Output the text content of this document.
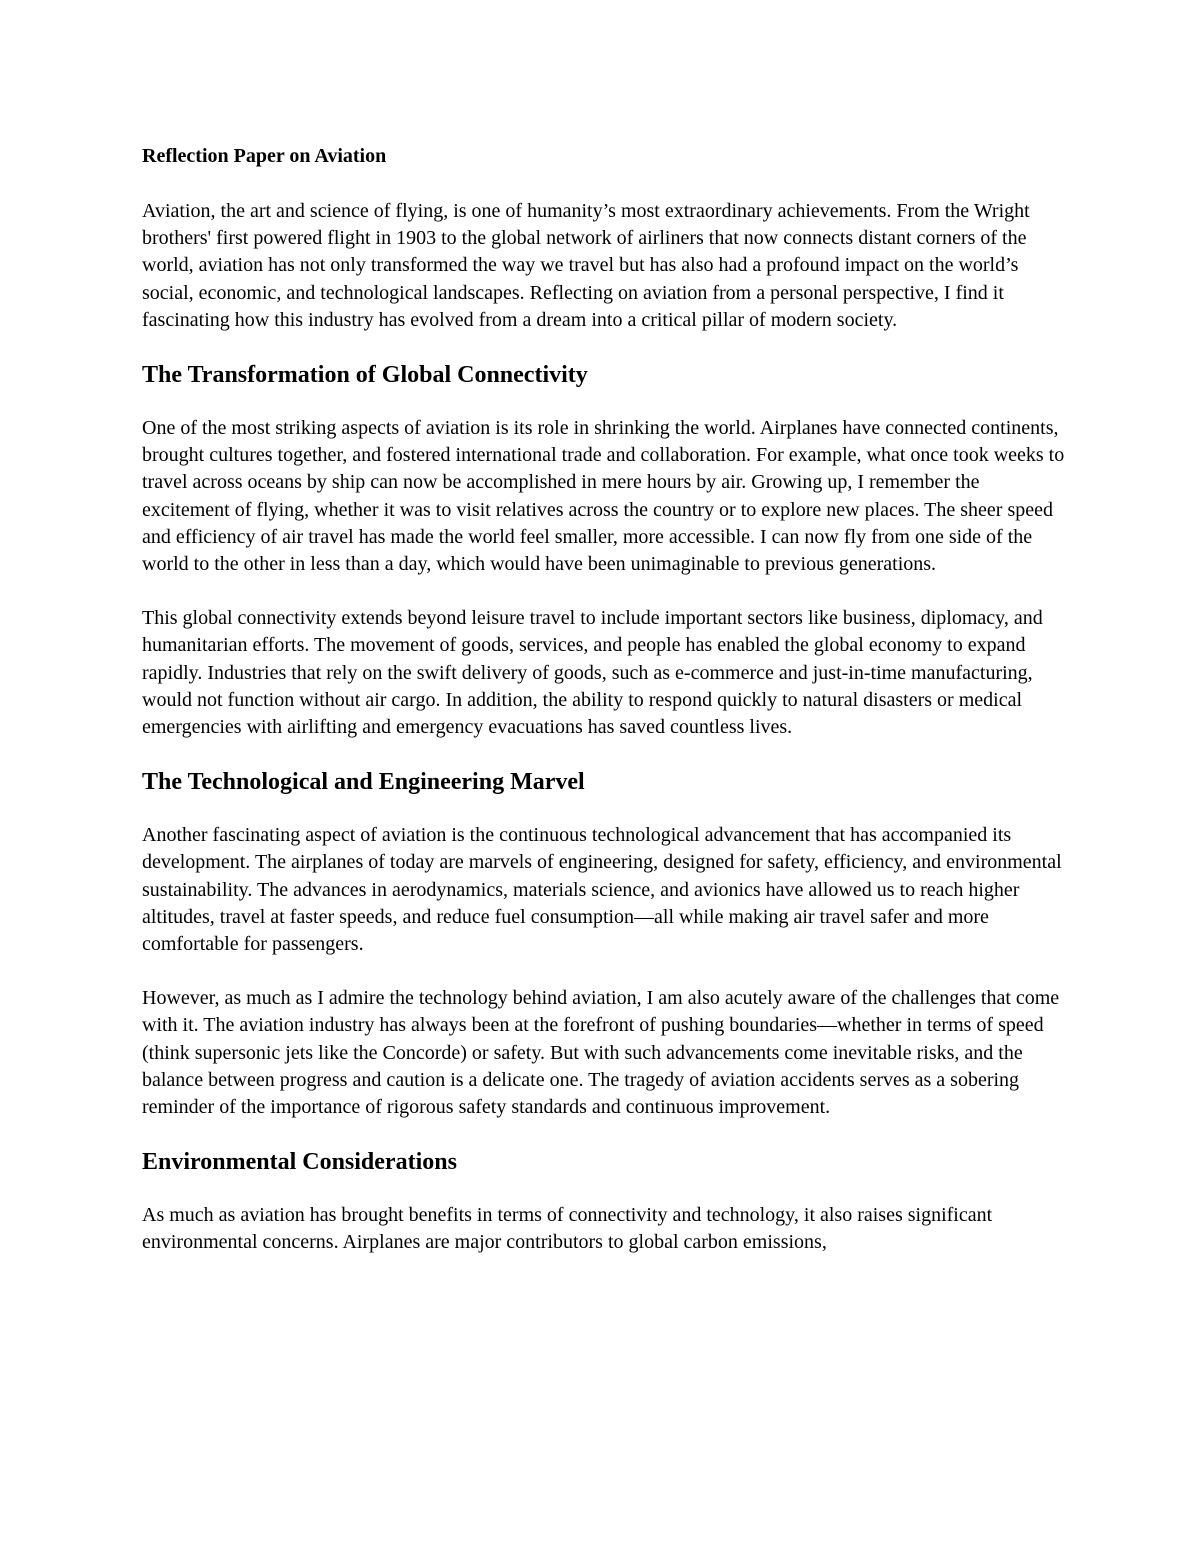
Reflection Paper on Aviation

Aviation, the art and science of flying, is one of humanity’s most extraordinary achievements. From the Wright brothers' first powered flight in 1903 to the global network of airliners that now connects distant corners of the world, aviation has not only transformed the way we travel but has also had a profound impact on the world’s social, economic, and technological landscapes. Reflecting on aviation from a personal perspective, I find it fascinating how this industry has evolved from a dream into a critical pillar of modern society.

The Transformation of Global Connectivity

One of the most striking aspects of aviation is its role in shrinking the world. Airplanes have connected continents, brought cultures together, and fostered international trade and collaboration. For example, what once took weeks to travel across oceans by ship can now be accomplished in mere hours by air. Growing up, I remember the excitement of flying, whether it was to visit relatives across the country or to explore new places. The sheer speed and efficiency of air travel has made the world feel smaller, more accessible. I can now fly from one side of the world to the other in less than a day, which would have been unimaginable to previous generations.

This global connectivity extends beyond leisure travel to include important sectors like business, diplomacy, and humanitarian efforts. The movement of goods, services, and people has enabled the global economy to expand rapidly. Industries that rely on the swift delivery of goods, such as e-commerce and just-in-time manufacturing, would not function without air cargo. In addition, the ability to respond quickly to natural disasters or medical emergencies with airlifting and emergency evacuations has saved countless lives.

The Technological and Engineering Marvel

Another fascinating aspect of aviation is the continuous technological advancement that has accompanied its development. The airplanes of today are marvels of engineering, designed for safety, efficiency, and environmental sustainability. The advances in aerodynamics, materials science, and avionics have allowed us to reach higher altitudes, travel at faster speeds, and reduce fuel consumption—all while making air travel safer and more comfortable for passengers.

However, as much as I admire the technology behind aviation, I am also acutely aware of the challenges that come with it. The aviation industry has always been at the forefront of pushing boundaries—whether in terms of speed (think supersonic jets like the Concorde) or safety. But with such advancements come inevitable risks, and the balance between progress and caution is a delicate one. The tragedy of aviation accidents serves as a sobering reminder of the importance of rigorous safety standards and continuous improvement.

Environmental Considerations

As much as aviation has brought benefits in terms of connectivity and technology, it also raises significant environmental concerns. Airplanes are major contributors to global carbon emissions,
